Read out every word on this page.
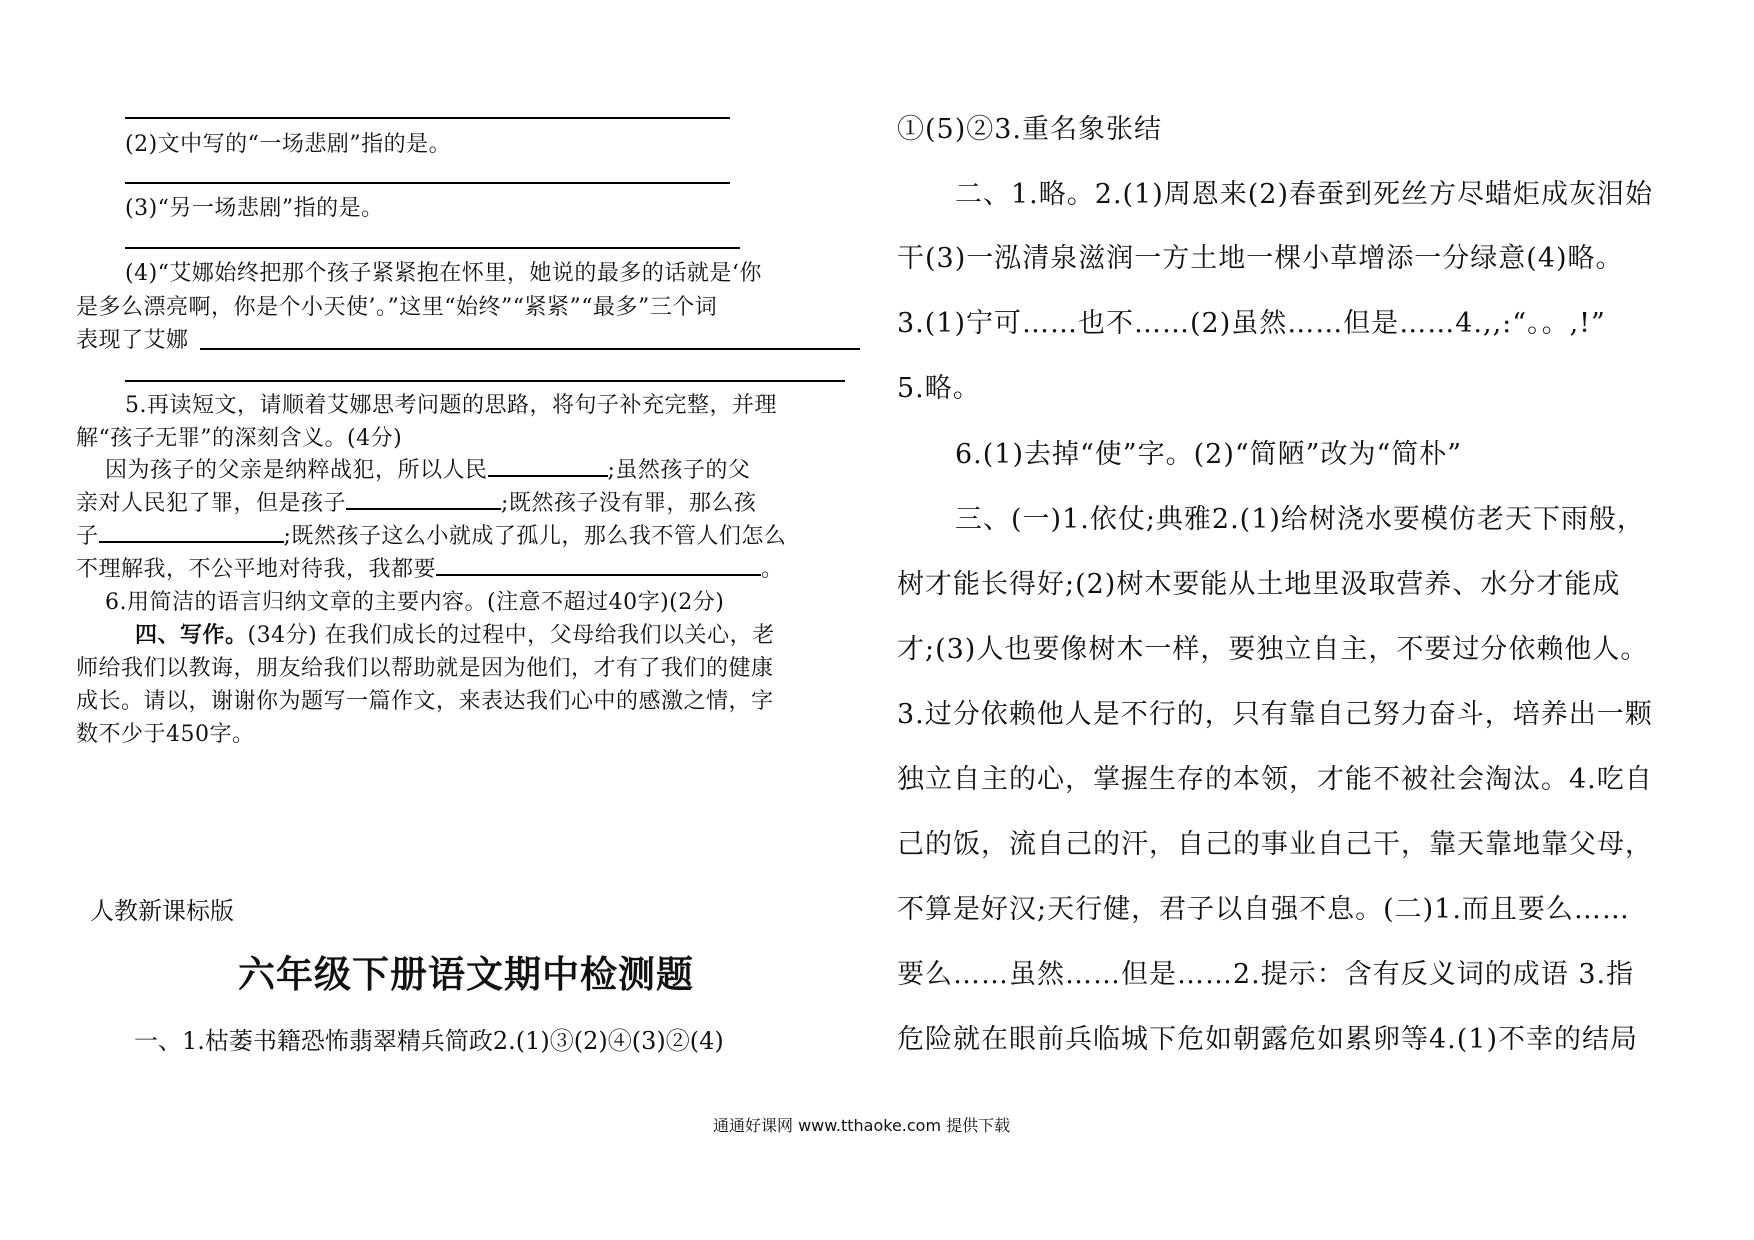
(2)文中写的“一场悲剧”指的是。
(3)“另一场悲剧”指的是。
(4)“艾娜始终把那个孩子紧紧抱在怀里，她说的最多的话就是‘你
是多么漂亮啊，你是个小天使’。”这里“始终”“紧紧”“最多”三个词
表现了艾娜
5.再读短文，请顺着艾娜思考问题的思路，将句子补充完整，并理
解“孩子无罪”的深刻含义。(4分)
因为孩子的父亲是纳粹战犯，所以人民	;虽然孩子的父
亲对人民犯了罪，但是孩子	;既然孩子没有罪，那么孩
子	;既然孩子这么小就成了孤儿，那么我不管人们怎么
不理解我，不公平地对待我，我都要	。
6.用简洁的语言归纳文章的主要内容。(注意不超过40字)(2分)
四、写作。(34分) 在我们成长的过程中，父母给我们以关心，老
师给我们以教诲，朋友给我们以帮助就是因为他们，才有了我们的健康
成长。请以，谢谢你为题写一篇作文，来表达我们心中的感激之情，字
数不少于450字。
人教新课标版
六年级下册语文期中检测题
一、1.枯萎书籍恐怖翡翠精兵简政2.(1)③(2)④(3)②(4)
①(5)②3.重名象张结
二、1.略。2.(1)周恩来(2)春蚕到死丝方尽蜡炬成灰泪始
干(3)一泓清泉滋润一方土地一棵小草增添一分绿意(4)略。
3.(1)宁可……也不……(2)虽然……但是……4.,,:“。。,!”
5.略。
6.(1)去掉“使”字。(2)“简陋”改为“简朴”
三、(一)1.依仗;典雅2.(1)给树浇水要模仿老天下雨般，
树才能长得好;(2)树木要能从土地里汲取营养、水分才能成
才;(3)人也要像树木一样，要独立自主，不要过分依赖他人。
3.过分依赖他人是不行的，只有靠自己努力奋斗，培养出一颗
独立自主的心，掌握生存的本领，才能不被社会淘汰。4.吃自
己的饭，流自己的汗，自己的事业自己干，靠天靠地靠父母，
不算是好汉;天行健，君子以自强不息。(二)1.而且要么……
要么……虽然……但是……2.提示：含有反义词的成语 3.指
危险就在眼前兵临城下危如朝露危如累卵等4.(1)不幸的结局
通通好课网 www.tthaoke.com 提供下载
